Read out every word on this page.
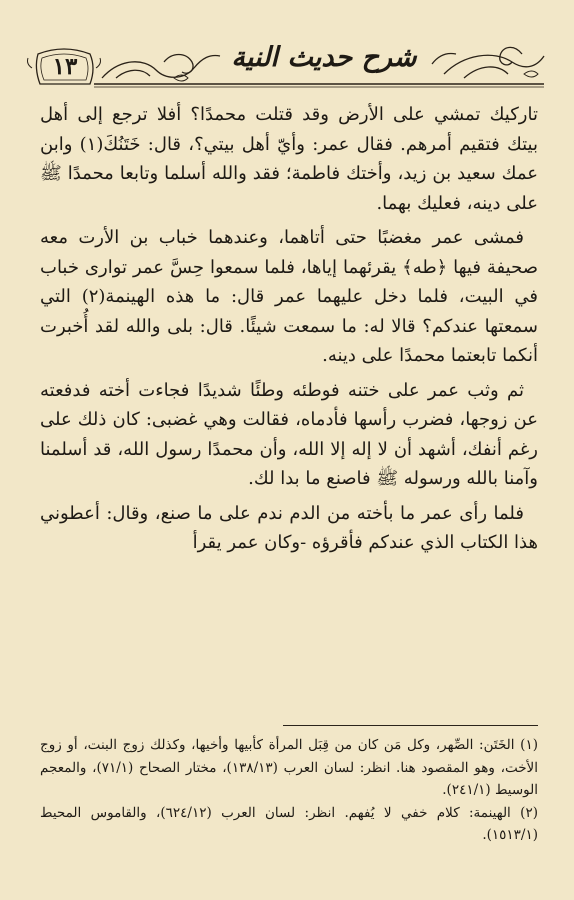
١٣	شرح حديث النية

تاركيك تمشي على الأرض وقد قتلت محمدًا؟ أفلا ترجع إلى أهل بيتك فتقيم أمرهم. فقال عمر: وأيّ أهل بيتي؟، قال: خَتَنُكَ(١) وابن عمك سعيد بن زيد، وأختك فاطمة؛ فقد والله أسلما وتابعا محمدًا ﷺ على دينه، فعليك بهما.

فمشى عمر مغضبًا حتى أتاهما، وعندهما خباب بن الأرت معه صحيفة فيها ﴿طه﴾ يقرئهما إياها، فلما سمعوا حِسَّ عمر توارى خباب في البيت، فلما دخل عليهما عمر قال: ما هذه الهينمة(٢) التي سمعتها عندكم؟ قالا له: ما سمعت شيئًا. قال: بلى والله لقد أُخبرت أنكما تابعتما محمدًا على دينه.

ثم وثب عمر على ختنه فوطئه وطئًا شديدًا فجاءت أخته فدفعته عن زوجها، فضرب رأسها فأدماه، فقالت وهي غضبى: كان ذلك على رغم أنفك، أشهد أن لا إله إلا الله، وأن محمدًا رسول الله، قد أسلمنا وآمنا بالله ورسوله ﷺ فاصنع ما بدا لك.

فلما رأى عمر ما بأخته من الدم ندم على ما صنع، وقال: أعطوني هذا الكتاب الذي عندكم فأقرؤه -وكان عمر يقرأ

(١) الخَتَن: الصِّهر، وكل مَن كان من قِبَل المرأة كأبيها وأخيها، وكذلك زوج البنت، أو زوج الأخت، وهو المقصود هنا. انظر: لسان العرب (١٣٨/١٣)، مختار الصحاح (٧١/١)، والمعجم الوسيط (٢٤١/١).

(٢) الهينمة: كلام خفي لا يُفهم. انظر: لسان العرب (٦٢٤/١٢)، والقاموس المحيط (١٥١٣/١).
